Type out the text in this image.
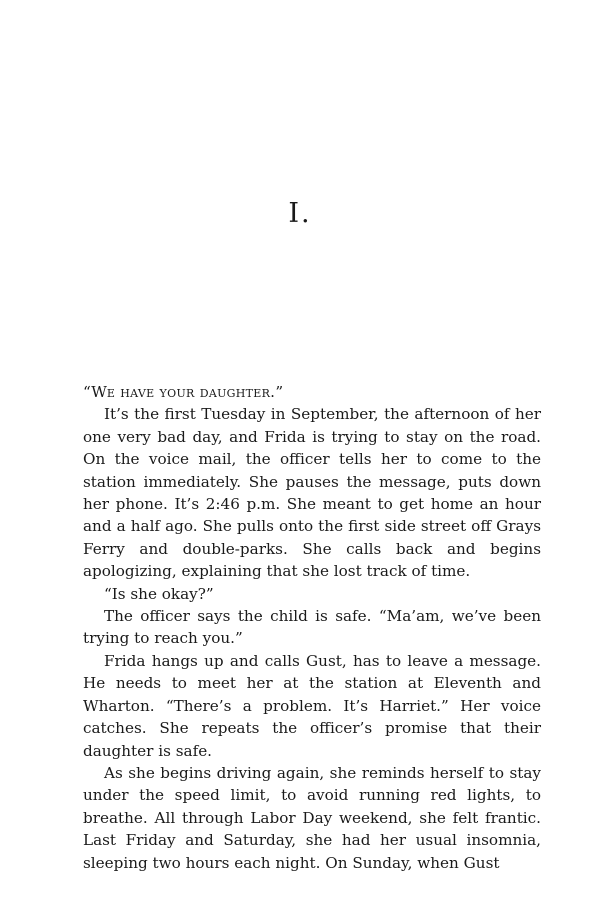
I.

“We have your daughter.”

It’s the first Tuesday in September, the afternoon of her one very bad day, and Frida is trying to stay on the road. On the voice mail, the officer tells her to come to the station immediately. She pauses the message, puts down her phone. It’s 2:46 p.m. She meant to get home an hour and a half ago. She pulls onto the first side street off Grays Ferry and double-parks. She calls back and begins apologizing, explaining that she lost track of time.

“Is she okay?”

The officer says the child is safe. “Ma’am, we’ve been trying to reach you.”

Frida hangs up and calls Gust, has to leave a message. He needs to meet her at the station at Eleventh and Wharton. “There’s a problem. It’s Harriet.” Her voice catches. She repeats the officer’s promise that their daughter is safe.

As she begins driving again, she reminds herself to stay under the speed limit, to avoid running red lights, to breathe. All through Labor Day weekend, she felt frantic. Last Friday and Saturday, she had her usual insomnia, sleeping two hours each night. On Sunday, when Gust
